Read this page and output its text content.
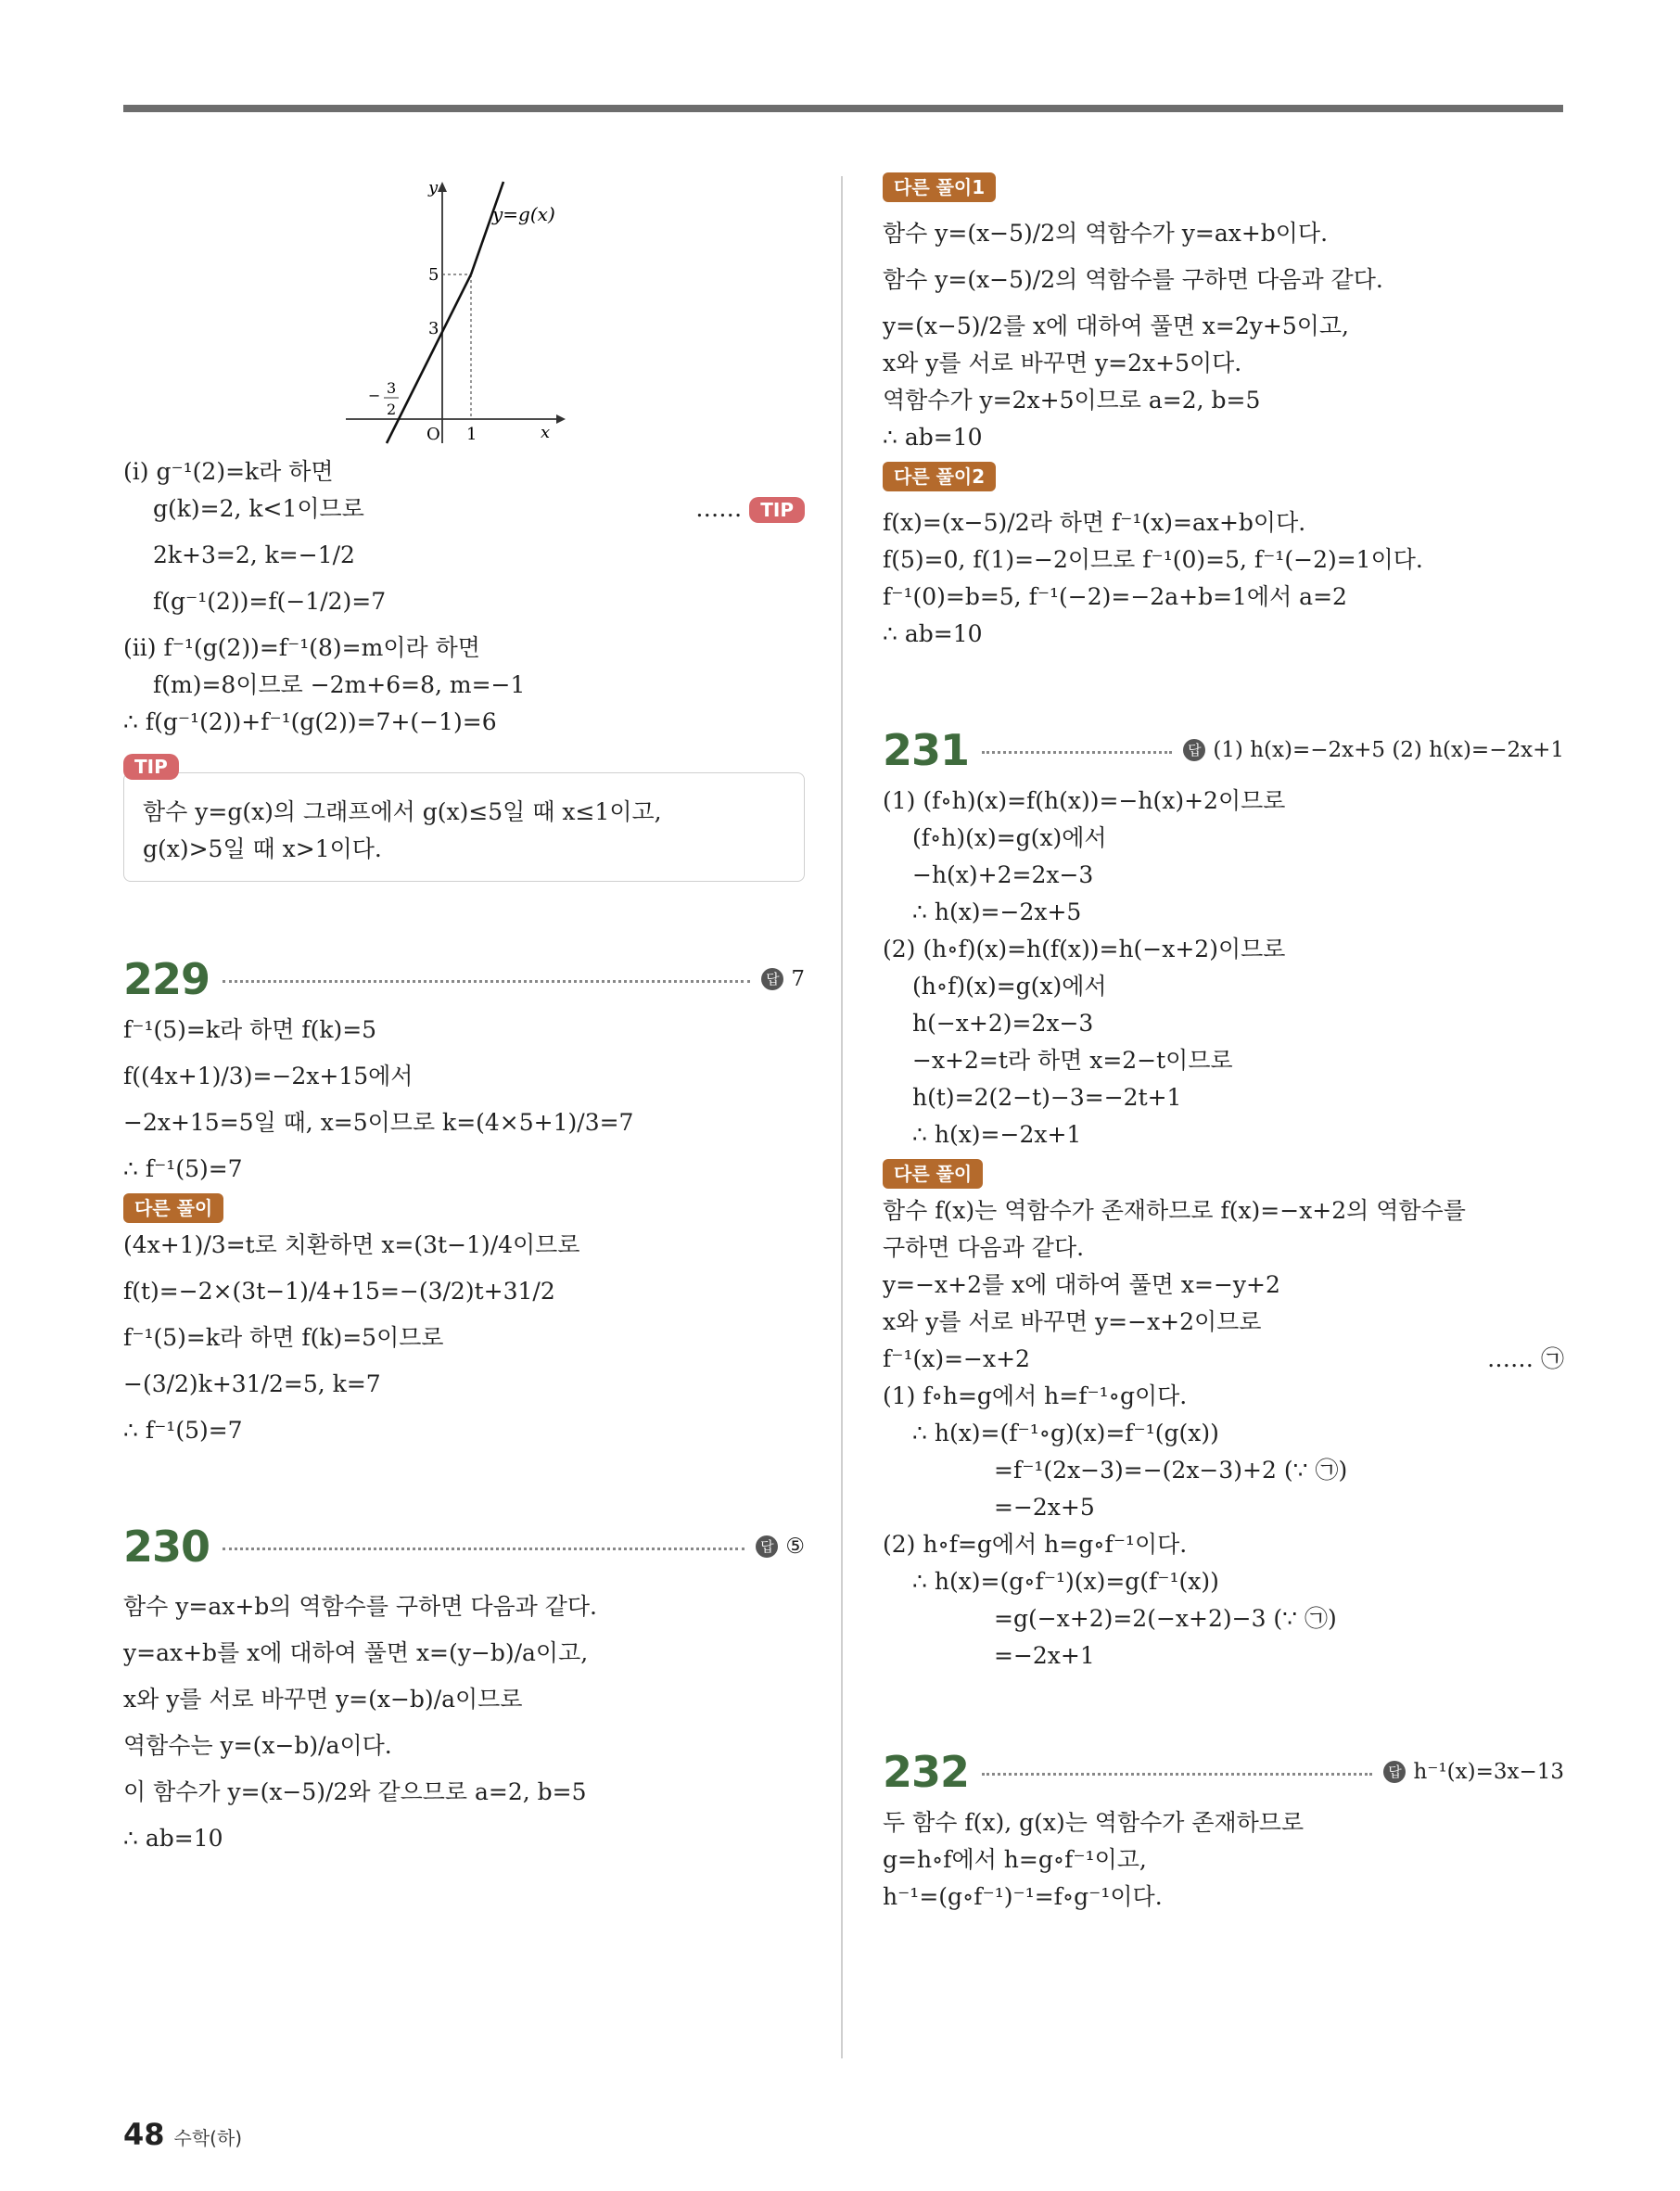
y
x
O
y=g(x)
5
3
1
− 3
2
(i) g⁻¹(2)=k라 하면
g(k)=2, k<1이므로	…… TIP
2k+3=2, k=−1/2
f(g⁻¹(2))=f(−1/2)=7
(ii) f⁻¹(g(2))=f⁻¹(8)=m이라 하면
f(m)=8이므로 −2m+6=8, m=−1
∴ f(g⁻¹(2))+f⁻¹(g(2))=7+(−1)=6
TIP
함수 y=g(x)의 그래프에서 g(x)≤5일 때 x≤1이고,
g(x)>5일 때 x>1이다.
229	답 7
f⁻¹(5)=k라 하면 f(k)=5
f((4x+1)/3)=−2x+15에서
−2x+15=5일 때, x=5이므로 k=(4×5+1)/3=7
∴ f⁻¹(5)=7
다른 풀이
(4x+1)/3=t로 치환하면 x=(3t−1)/4이므로
f(t)=−2×(3t−1)/4+15=−(3/2)t+31/2
f⁻¹(5)=k라 하면 f(k)=5이므로
−(3/2)k+31/2=5, k=7
∴ f⁻¹(5)=7
230	답 ⑤
함수 y=ax+b의 역함수를 구하면 다음과 같다.
y=ax+b를 x에 대하여 풀면 x=(y−b)/a이고,
x와 y를 서로 바꾸면 y=(x−b)/a이므로
역함수는 y=(x−b)/a이다.
이 함수가 y=(x−5)/2와 같으므로 a=2, b=5
∴ ab=10
다른 풀이1
함수 y=(x−5)/2의 역함수가 y=ax+b이다.
함수 y=(x−5)/2의 역함수를 구하면 다음과 같다.
y=(x−5)/2를 x에 대하여 풀면 x=2y+5이고,
x와 y를 서로 바꾸면 y=2x+5이다.
역함수가 y=2x+5이므로 a=2, b=5
∴ ab=10
다른 풀이2
f(x)=(x−5)/2라 하면 f⁻¹(x)=ax+b이다.
f(5)=0, f(1)=−2이므로 f⁻¹(0)=5, f⁻¹(−2)=1이다.
f⁻¹(0)=b=5, f⁻¹(−2)=−2a+b=1에서 a=2
∴ ab=10
231	답 (1) h(x)=−2x+5 (2) h(x)=−2x+1
(1) (f∘h)(x)=f(h(x))=−h(x)+2이므로
(f∘h)(x)=g(x)에서
−h(x)+2=2x−3
∴ h(x)=−2x+5
(2) (h∘f)(x)=h(f(x))=h(−x+2)이므로
(h∘f)(x)=g(x)에서
h(−x+2)=2x−3
−x+2=t라 하면 x=2−t이므로
h(t)=2(2−t)−3=−2t+1
∴ h(x)=−2x+1
다른 풀이
함수 f(x)는 역함수가 존재하므로 f(x)=−x+2의 역함수를
구하면 다음과 같다.
y=−x+2를 x에 대하여 풀면 x=−y+2
x와 y를 서로 바꾸면 y=−x+2이므로
f⁻¹(x)=−x+2	…… ㉠
(1) f∘h=g에서 h=f⁻¹∘g이다.
∴ h(x)=(f⁻¹∘g)(x)=f⁻¹(g(x))
=f⁻¹(2x−3)=−(2x−3)+2 (∵ ㉠)
=−2x+5
(2) h∘f=g에서 h=g∘f⁻¹이다.
∴ h(x)=(g∘f⁻¹)(x)=g(f⁻¹(x))
=g(−x+2)=2(−x+2)−3 (∵ ㉠)
=−2x+1
232	답 h⁻¹(x)=3x−13
두 함수 f(x), g(x)는 역함수가 존재하므로
g=h∘f에서 h=g∘f⁻¹이고,
h⁻¹=(g∘f⁻¹)⁻¹=f∘g⁻¹이다.
48 수학(하)
